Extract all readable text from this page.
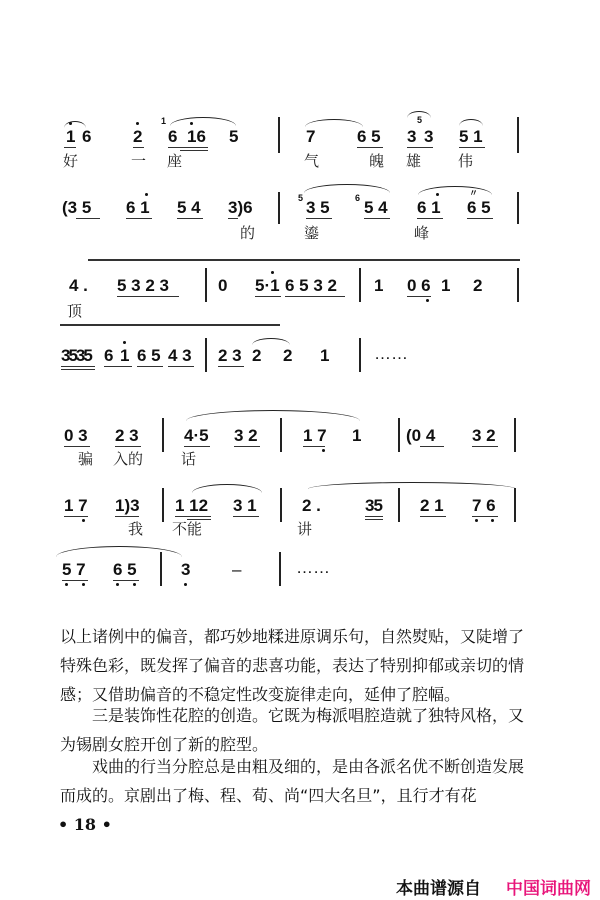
1 6 2
1
6 16 5	7 6 5
5
3 3 5 1
好	一 座	气	魄 雄 伟
(3 5 6 1 5 4 3)6	5 3 5	6 5 4 6 1
〃
6 5
的	鎏	峰
4 . 5 3 2 3	0 5·1 6 5 3 2 1 0 6 1 2
顶
3535 6 1 6 5 4 3 2 3 2 2 1	……
0 3 2 3	4·5 3 2	1 7 1	(0 4 3 2
骗 入的	话
1 7 1)3 1 12 3 1	2 .	35 2 1 7 6
我 不能	讲
5 7 6 5	3 –	……

以上诸例中的偏音，都巧妙地糅进原调乐句，自然熨贴，又陡增了特殊色彩，既发挥了偏音的悲喜功能，表达了特别抑郁或亲切的情感；又借助偏音的不稳定性改变旋律走向，延伸了腔幅。

三是装饰性花腔的创造。它既为梅派唱腔造就了独特风格，又为锡剧女腔开创了新的腔型。

戏曲的行当分腔总是由粗及细的，是由各派名优不断创造发展而成的。京剧出了梅、程、荀、尚“四大名旦”，且行才有花

• 18 •
本曲谱源自 中国词曲网
